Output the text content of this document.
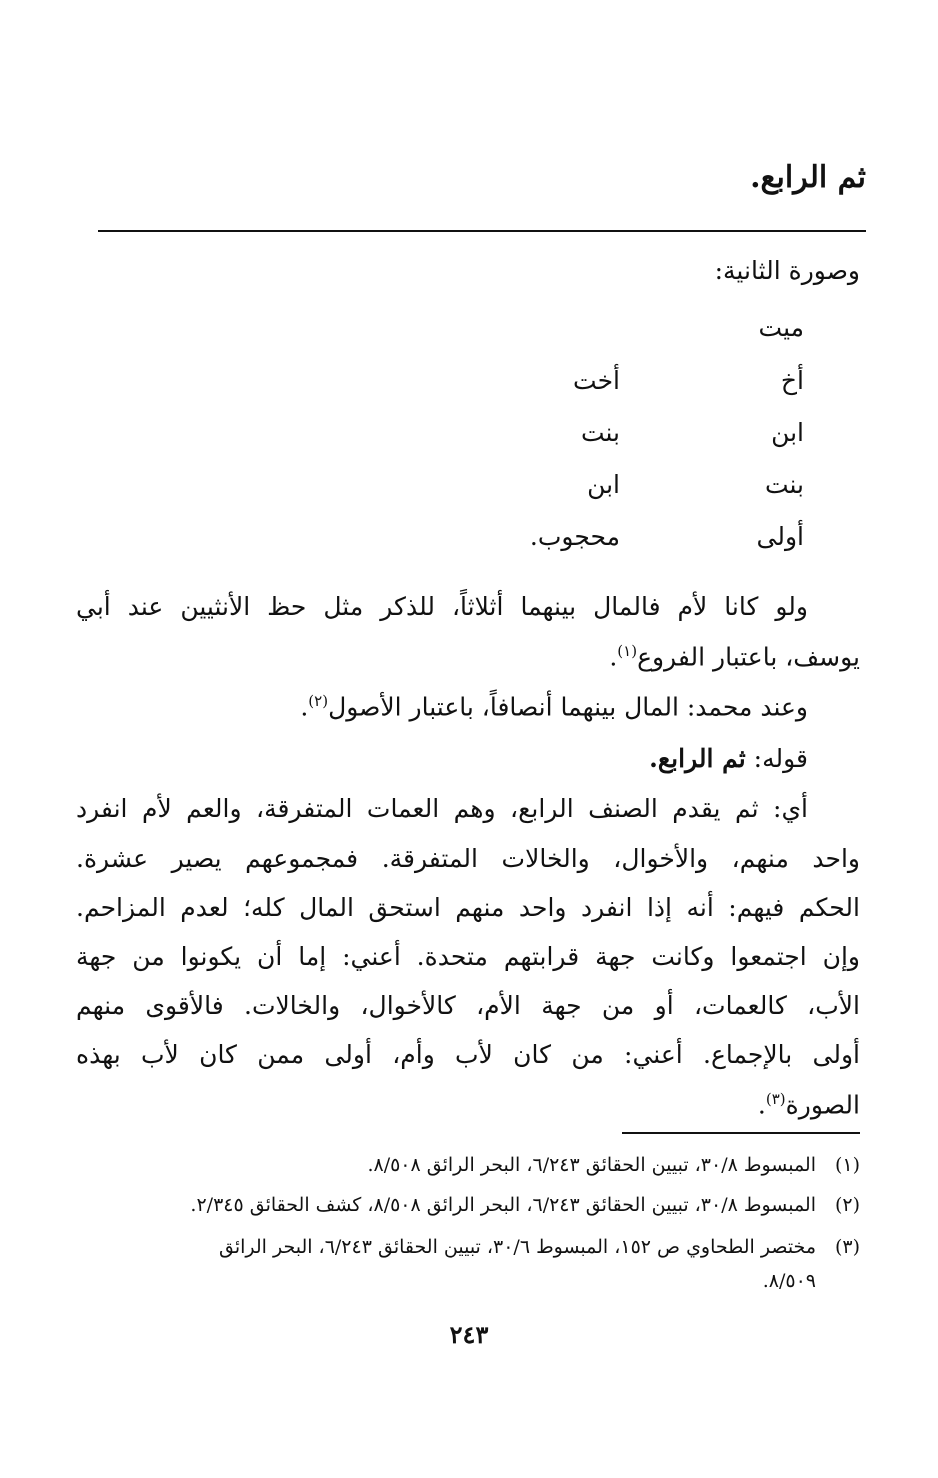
ثم الرابع.
وصورة الثانية:
ميت
أخ
أخت
ابن
بنت
بنت
ابن
أولى
محجوب.
ولو كانا لأم فالمال بينهما أثلاثاً، للذكر مثل حظ الأنثيين عند أبي
يوسف، باعتبار الفروع$^{(١)}$.
وعند محمد: المال بينهما أنصافاً، باعتبار الأصول$^{(٢)}$.
قوله: ثم الرابع.
أي: ثم يقدم الصنف الرابع، وهم العمات المتفرقة، والعم لأم انفرد
واحد منهم، والأخوال، والخالات المتفرقة. فمجموعهم يصير عشرة.
الحكم فيهم: أنه إذا انفرد واحد منهم استحق المال كله؛ لعدم المزاحم.
وإن اجتمعوا وكانت جهة قرابتهم متحدة. أعني: إما أن يكونوا من جهة
الأب، كالعمات، أو من جهة الأم، كالأخوال، والخالات. فالأقوى منهم
أولى بالإجماع. أعني: من كان لأب وأم، أولى ممن كان لأب بهذه
الصورة$^{(٣)}$.
(١)المبسوط ٣٠/٨، تبيين الحقائق ٦/٢٤٣، البحر الرائق ٨/٥٠٨.
(٢)المبسوط ٣٠/٨، تبيين الحقائق ٦/٢٤٣، البحر الرائق ٨/٥٠٨، كشف الحقائق ٢/٣٤٥.
(٣)مختصر الطحاوي ص ١٥٢، المبسوط ٣٠/٦، تبيين الحقائق ٦/٢٤٣، البحر الرائق
٨/٥٠٩.
٢٤٣
